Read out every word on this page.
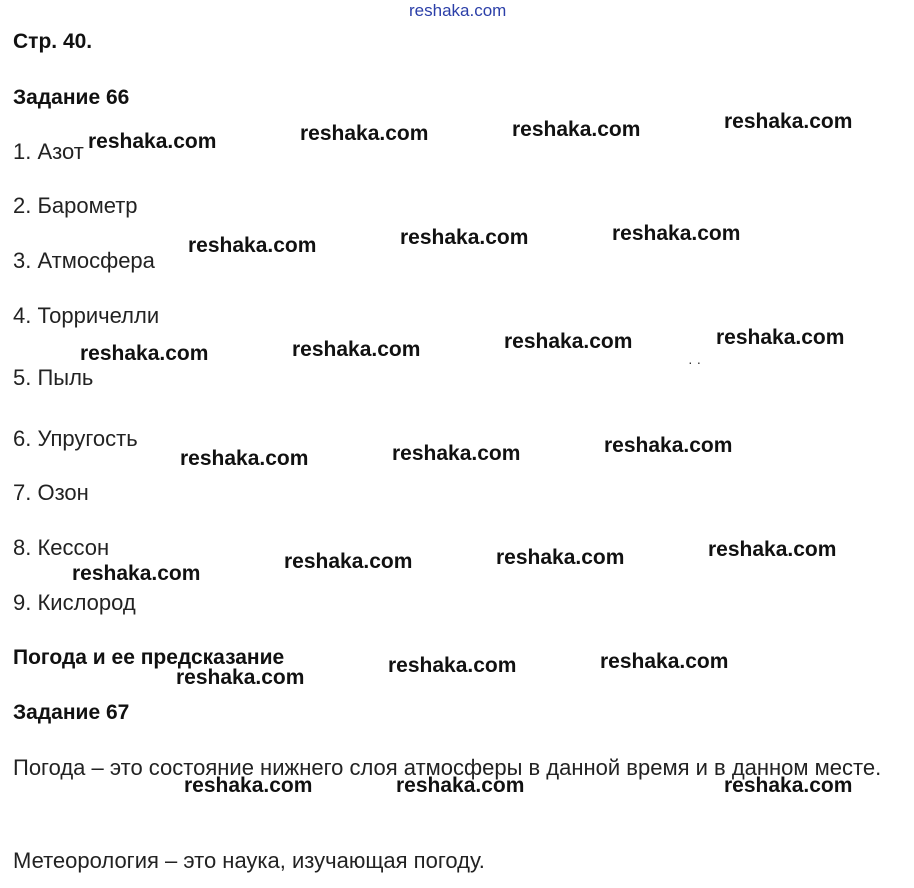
reshaka.com
Стр. 40.
Задание 66
1. Азот
2. Барометр
3. Атмосфера
4. Торричелли
5. Пыль
6. Упругость
7. Озон
8. Кессон
9. Кислород
Погода и ее предсказание
Задание 67
Погода – это состояние нижнего слоя атмосферы в данной время и в данном месте.
Метеорология – это наука, изучающая погоду.
· ·
reshaka.com	reshaka.com	reshaka.com	reshaka.com
reshaka.com	reshaka.com	reshaka.com
reshaka.com	reshaka.com	reshaka.com	reshaka.com
reshaka.com	reshaka.com	reshaka.com
reshaka.com
reshaka.com	reshaka.com	reshaka.com
reshaka.com
reshaka.com	reshaka.com
reshaka.com	reshaka.com	reshaka.com
